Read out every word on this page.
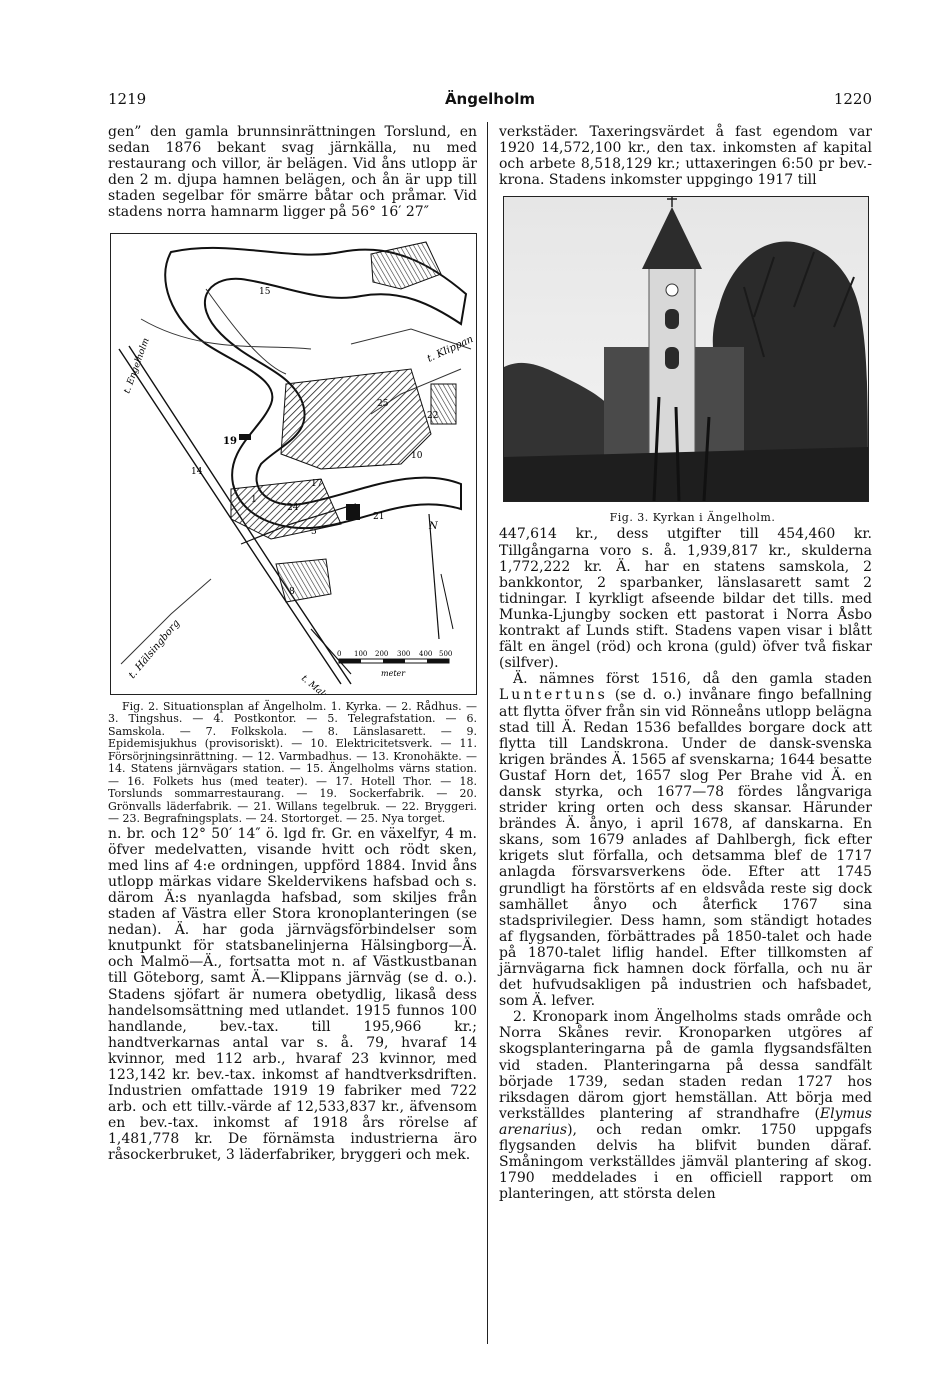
1219	Ängelholm	1220

gen” den gamla brunnsinrättningen Torslund, en sedan 1876 bekant svag järnkälla, nu med restaurang och villor, är belägen. Vid åns utlopp är den 2 m. djupa hamnen belägen, och ån är upp till staden segelbar för smärre båtar och pråmar. Vid stadens norra hamnarm ligger på 56° 16′ 27″

t. Klippan
t. Engelholm
t. Hälsingborg
t. Malmö
N
1
5
8
10
14
15
17
19
21
22
24
25
0 100 200 300 400 500
meter

Fig. 2. Situationsplan af Ängelholm. 1. Kyrka. — 2. Rådhus. — 3. Tingshus. — 4. Postkontor. — 5. Telegrafstation. — 6. Samskola. — 7. Folkskola. — 8. Länslasarett. — 9. Epidemisjukhus (provisoriskt). — 10. Elektricitetsverk. — 11. Försörjningsinrättning. — 12. Varmbadhus. — 13. Kronohäkte. — 14. Statens järnvägars station. — 15. Ängelholms värns station. — 16. Folkets hus (med teater). — 17. Hotell Thor. — 18. Torslunds sommarrestaurang. — 19. Sockerfabrik. — 20. Grönvalls läderfabrik. — 21. Willans tegelbruk. — 22. Bryggeri. — 23. Begrafningsplats. — 24. Stortorget. — 25. Nya torget.

n. br. och 12° 50′ 14″ ö. lgd fr. Gr. en växelfyr, 4 m. öfver medelvatten, visande hvitt och rödt sken, med lins af 4:e ordningen, uppförd 1884. Invid åns utlopp märkas vidare Skeldervikens hafsbad och s. därom Ä:s nyanlagda hafsbad, som skiljes från staden af Västra eller Stora kronoplanteringen (se nedan). Ä. har goda järnvägsförbindelser som knutpunkt för statsbanelinjerna Hälsingborg—Ä. och Malmö—Ä., fortsatta mot n. af Västkustbanan till Göteborg, samt Ä.—Klippans järnväg (se d. o.). Stadens sjöfart är numera obetydlig, likaså dess handelsomsättning med utlandet. 1915 funnos 100 handlande, bev.-tax. till 195,966 kr.; handtverkarnas antal var s. å. 79, hvaraf 14 kvinnor, med 112 arb., hvaraf 23 kvinnor, med 123,142 kr. bev.-tax. inkomst af handtverksdriften. Industrien omfattade 1919 19 fabriker med 722 arb. och ett tillv.-värde af 12,533,837 kr., äfvensom en bev.-tax. inkomst af 1918 års rörelse af 1,481,778 kr. De förnämsta industrierna äro råsockerbruket, 3 läderfabriker, bryggeri och mek.

verkstäder. Taxeringsvärdet å fast egendom var 1920 14,572,100 kr., den tax. inkomsten af kapital och arbete 8,518,129 kr.; uttaxeringen 6:50 pr bev.-krona. Stadens inkomster uppgingo 1917 till

Fig. 3. Kyrkan i Ängelholm.

447,614 kr., dess utgifter till 454,460 kr. Tillgångarna voro s. å. 1,939,817 kr., skulderna 1,772,222 kr. Ä. har en statens samskola, 2 bankkontor, 2 sparbanker, länslasarett samt 2 tidningar. I kyrkligt afseende bildar det tills. med Munka-Ljungby socken ett pastorat i Norra Åsbo kontrakt af Lunds stift. Stadens vapen visar i blått fält en ängel (röd) och krona (guld) öfver två fiskar (silfver).

Ä. nämnes först 1516, då den gamla staden Luntertuns (se d. o.) invånare fingo befallning att flytta öfver från sin vid Rönneåns utlopp belägna stad till Ä. Redan 1536 befalldes borgare dock att flytta till Landskrona. Under de dansk-svenska krigen brändes Ä. 1565 af svenskarna; 1644 besatte Gustaf Horn det, 1657 slog Per Brahe vid Ä. en dansk styrka, och 1677—78 fördes långvariga strider kring orten och dess skansar. Härunder brändes Ä. ånyo, i april 1678, af danskarna. En skans, som 1679 anlades af Dahlbergh, fick efter krigets slut förfalla, och detsamma blef de 1717 anlagda försvarsverkens öde. Efter att 1745 grundligt ha förstörts af en eldsvåda reste sig dock samhället ånyo och återfick 1767 sina stadsprivilegier. Dess hamn, som ständigt hotades af flygsanden, förbättrades på 1850-talet och hade på 1870-talet liflig handel. Efter tillkomsten af järnvägarna fick hamnen dock förfalla, och nu är det hufvudsakligen på industrien och hafsbadet, som Ä. lefver.

2. Kronopark inom Ängelholms stads område och Norra Skånes revir. Kronoparken utgöres af skogsplanteringarna på de gamla flygsandsfälten vid staden. Planteringarna på dessa sandfält började 1739, sedan staden redan 1727 hos riksdagen därom gjort hemställan. Att börja med verkställdes plantering af strandhafre (Elymus arenarius), och redan omkr. 1750 uppgafs flygsanden delvis ha blifvit bunden däraf. Småningom verkställdes jämväl plantering af skog. 1790 meddelades i en officiell rapport om planteringen, att största delen
